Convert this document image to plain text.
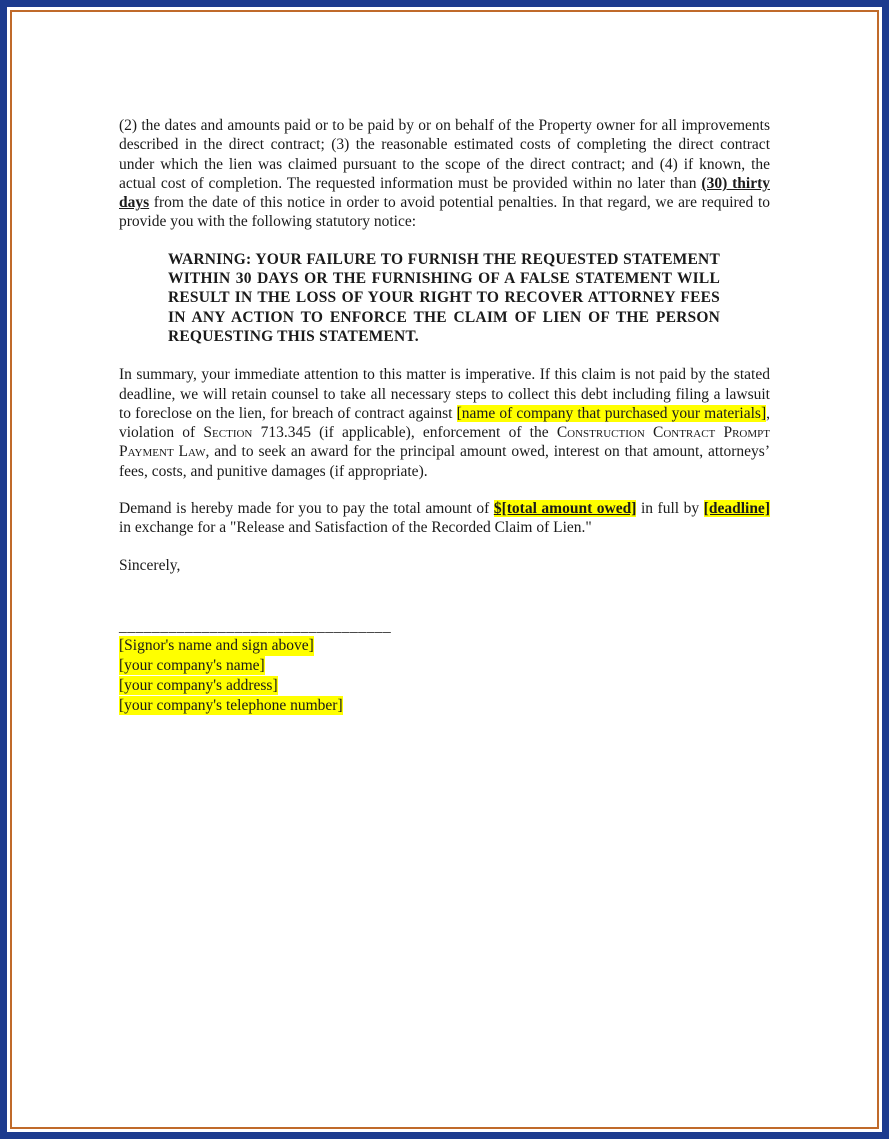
(2) the dates and amounts paid or to be paid by or on behalf of the Property owner for all improvements described in the direct contract; (3) the reasonable estimated costs of completing the direct contract under which the lien was claimed pursuant to the scope of the direct contract; and (4) if known, the actual cost of completion. The requested information must be provided within no later than (30) thirty days from the date of this notice in order to avoid potential penalties. In that regard, we are required to provide you with the following statutory notice:

WARNING: YOUR FAILURE TO FURNISH THE REQUESTED STATEMENT WITHIN 30 DAYS OR THE FURNISHING OF A FALSE STATEMENT WILL RESULT IN THE LOSS OF YOUR RIGHT TO RECOVER ATTORNEY FEES IN ANY ACTION TO ENFORCE THE CLAIM OF LIEN OF THE PERSON REQUESTING THIS STATEMENT.

In summary, your immediate attention to this matter is imperative. If this claim is not paid by the stated deadline, we will retain counsel to take all necessary steps to collect this debt including filing a lawsuit to foreclose on the lien, for breach of contract against [name of company that purchased your materials], violation of Section 713.345 (if applicable), enforcement of the Construction Contract Prompt Payment Law, and to seek an award for the principal amount owed, interest on that amount, attorneys’ fees, costs, and punitive damages (if appropriate).

Demand is hereby made for you to pay the total amount of $[total amount owed] in full by [deadline] in exchange for a "Release and Satisfaction of the Recorded Claim of Lien."

Sincerely,

_________________________________
[Signor's name and sign above]
[your company's name]
[your company's address]
[your company's telephone number]
